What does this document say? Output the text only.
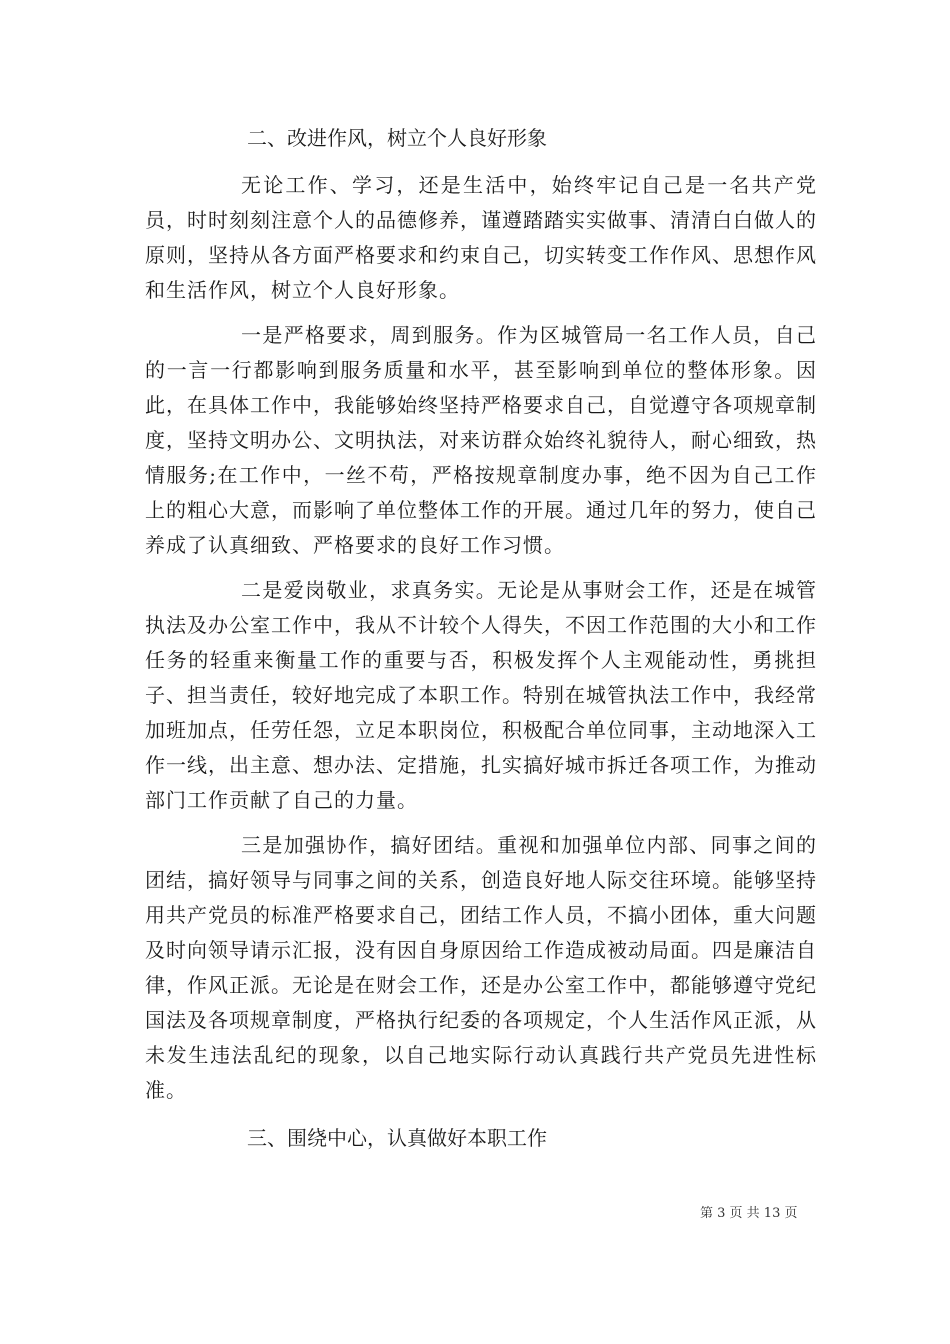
二、改进作风，树立个人良好形象

无论工作、学习，还是生活中，始终牢记自己是一名共产党员，时时刻刻注意个人的品德修养，谨遵踏踏实实做事、清清白白做人的原则，坚持从各方面严格要求和约束自己，切实转变工作作风、思想作风和生活作风，树立个人良好形象。

一是严格要求，周到服务。作为区城管局一名工作人员，自己的一言一行都影响到服务质量和水平，甚至影响到单位的整体形象。因此，在具体工作中，我能够始终坚持严格要求自己，自觉遵守各项规章制度，坚持文明办公、文明执法，对来访群众始终礼貌待人，耐心细致，热情服务;在工作中，一丝不苟，严格按规章制度办事，绝不因为自己工作上的粗心大意，而影响了单位整体工作的开展。通过几年的努力，使自己养成了认真细致、严格要求的良好工作习惯。

二是爱岗敬业，求真务实。无论是从事财会工作，还是在城管执法及办公室工作中，我从不计较个人得失，不因工作范围的大小和工作任务的轻重来衡量工作的重要与否，积极发挥个人主观能动性，勇挑担子、担当责任，较好地完成了本职工作。特别在城管执法工作中，我经常加班加点，任劳任怨，立足本职岗位，积极配合单位同事，主动地深入工作一线，出主意、想办法、定措施，扎实搞好城市拆迁各项工作，为推动部门工作贡献了自己的力量。

三是加强协作，搞好团结。重视和加强单位内部、同事之间的团结，搞好领导与同事之间的关系，创造良好地人际交往环境。能够坚持用共产党员的标准严格要求自己，团结工作人员，不搞小团体，重大问题及时向领导请示汇报，没有因自身原因给工作造成被动局面。四是廉洁自律，作风正派。无论是在财会工作，还是办公室工作中，都能够遵守党纪国法及各项规章制度，严格执行纪委的各项规定，个人生活作风正派，从未发生违法乱纪的现象，以自己地实际行动认真践行共产党员先进性标准。

三、围绕中心，认真做好本职工作
第 3 页 共 13 页
